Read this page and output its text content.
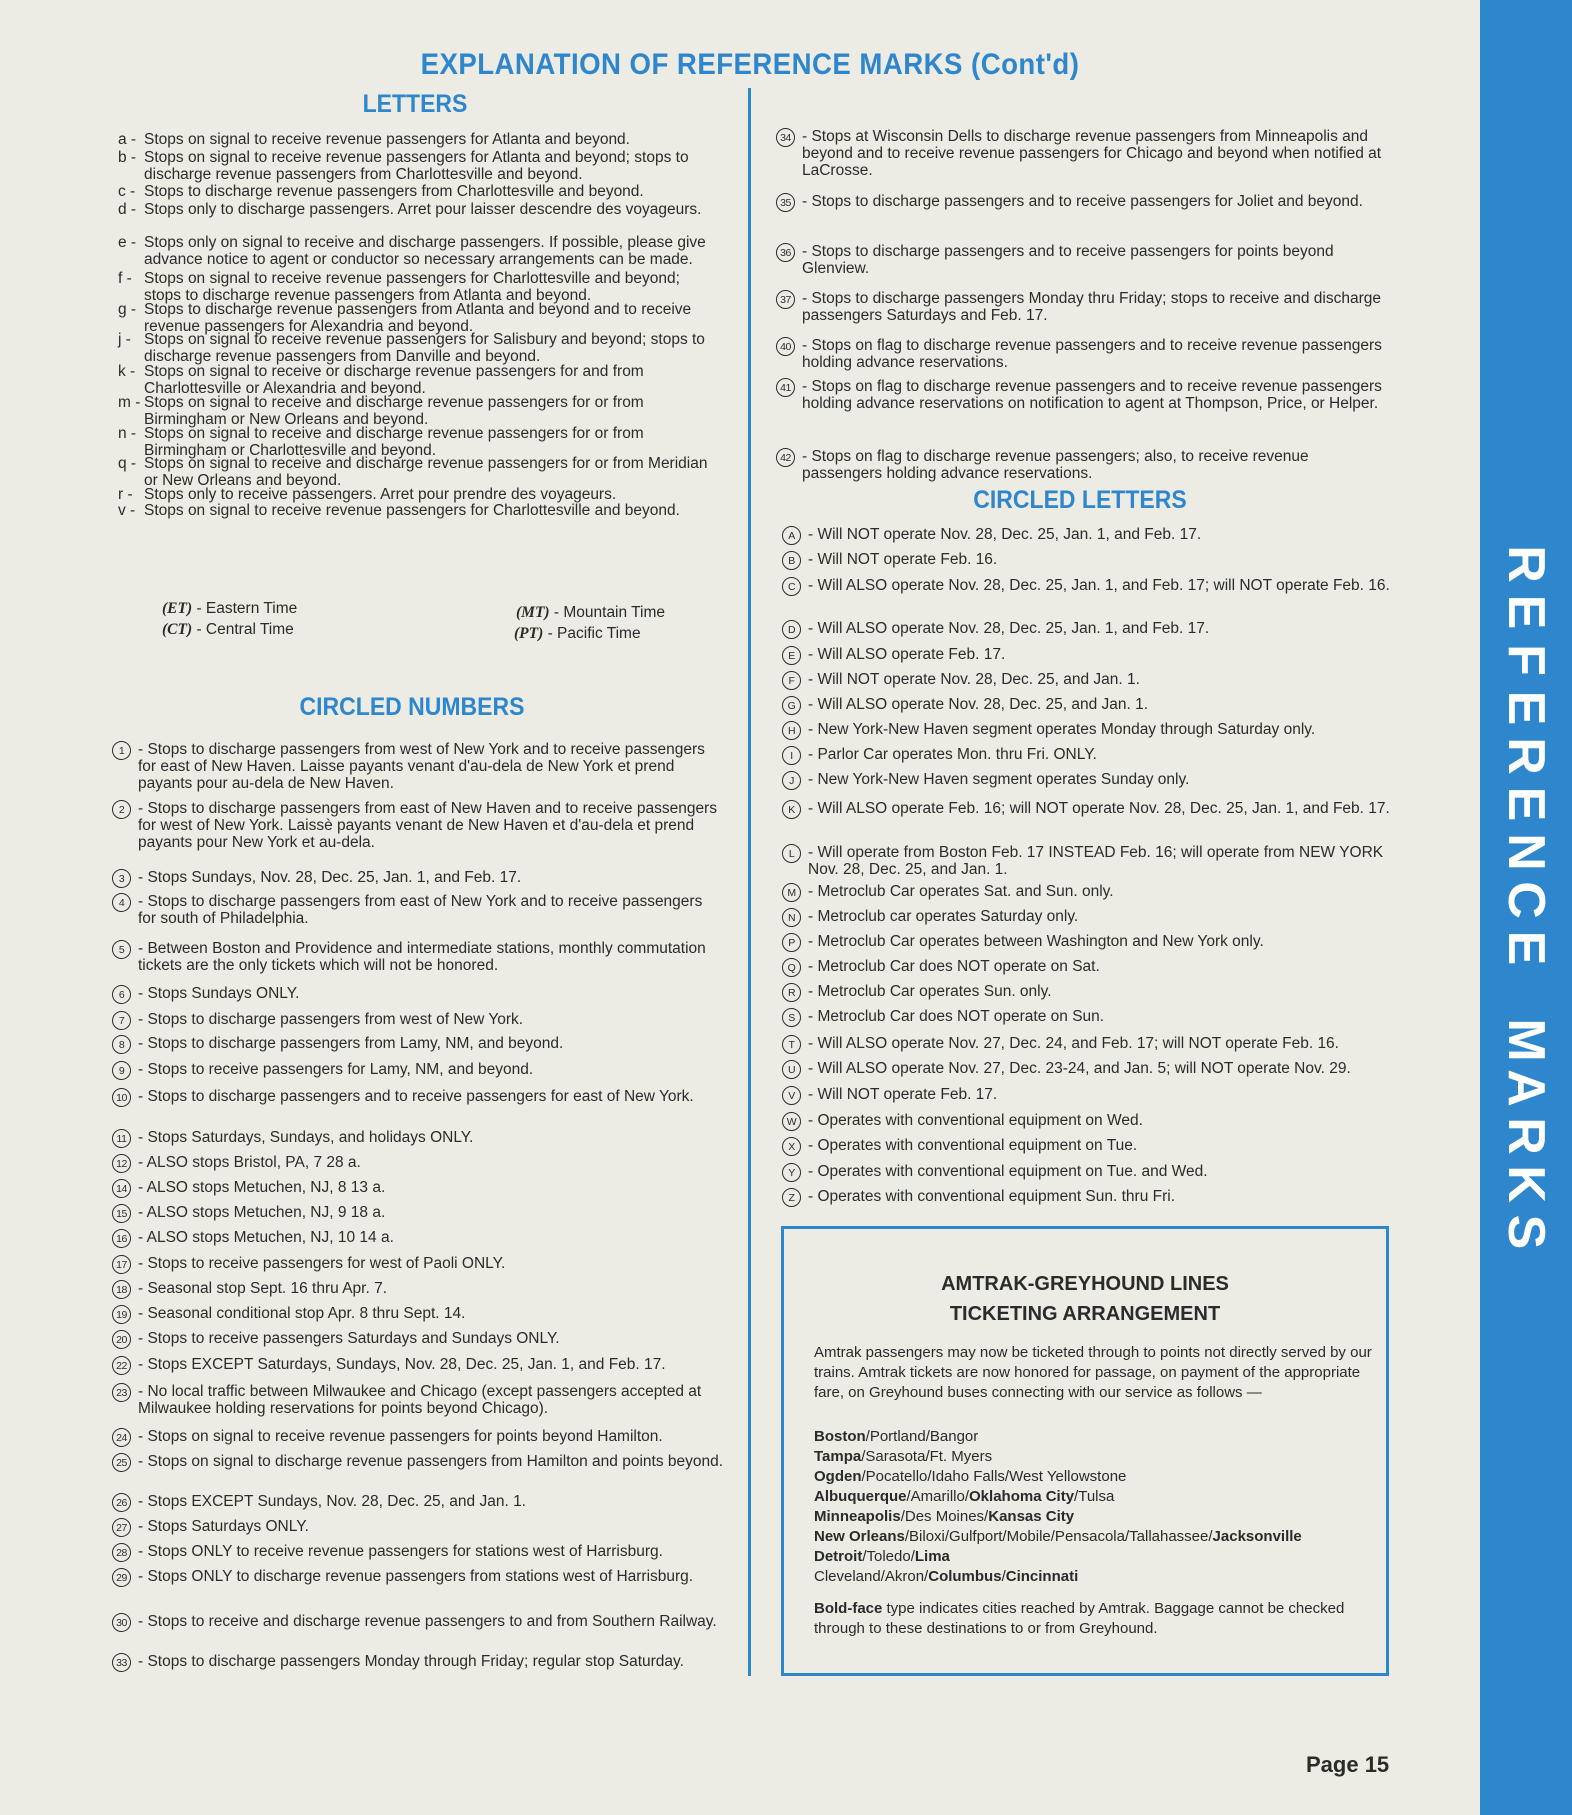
EXPLANATION OF REFERENCE MARKS (Cont'd)
LETTERS
a - Stops on signal to receive revenue passengers for Atlanta and beyond.
b - Stops on signal to receive revenue passengers for Atlanta and beyond; stops to discharge revenue passengers from Charlottesville and beyond.
c - Stops to discharge revenue passengers from Charlottesville and beyond.
d - Stops only to discharge passengers. Arret pour laisser descendre des voyageurs.
e - Stops only on signal to receive and discharge passengers. If possible, please give advance notice to agent or conductor so necessary arrangements can be made.
f - Stops on signal to receive revenue passengers for Charlottesville and beyond; stops to discharge revenue passengers from Atlanta and beyond.
g - Stops to discharge revenue passengers from Atlanta and beyond and to receive revenue passengers for Alexandria and beyond.
j - Stops on signal to receive revenue passengers for Salisbury and beyond; stops to discharge revenue passengers from Danville and beyond.
k - Stops on signal to receive or discharge revenue passengers for and from Charlottesville or Alexandria and beyond.
m - Stops on signal to receive and discharge revenue passengers for or from Birmingham or New Orleans and beyond.
n - Stops on signal to receive and discharge revenue passengers for or from Birmingham or Charlottesville and beyond.
q - Stops on signal to receive and discharge revenue passengers for or from Meridian or New Orleans and beyond.
r - Stops only to receive passengers. Arret pour prendre des voyageurs.
v - Stops on signal to receive revenue passengers for Charlottesville and beyond.
(ET) - Eastern Time
(CT) - Central Time
(MT) - Mountain Time
(PT) - Pacific Time
CIRCLED NUMBERS
1 - Stops to discharge passengers from west of New York and to receive passengers for east of New Haven. Laisse payants venant d'au-dela de New York et prend payants pour au-dela de New Haven.
2 - Stops to discharge passengers from east of New Haven and to receive passengers for west of New York. Laissè payants venant de New Haven et d'au-dela et prend payants pour New York et au-dela.
3 - Stops Sundays, Nov. 28, Dec. 25, Jan. 1, and Feb. 17.
4 - Stops to discharge passengers from east of New York and to receive passengers for south of Philadelphia.
5 - Between Boston and Providence and intermediate stations, monthly commutation tickets are the only tickets which will not be honored.
6 - Stops Sundays ONLY.
7 - Stops to discharge passengers from west of New York.
8 - Stops to discharge passengers from Lamy, NM, and beyond.
9 - Stops to receive passengers for Lamy, NM, and beyond.
10 - Stops to discharge passengers and to receive passengers for east of New York.
11 - Stops Saturdays, Sundays, and holidays ONLY.
12 - ALSO stops Bristol, PA, 7 28 a.
14 - ALSO stops Metuchen, NJ, 8 13 a.
15 - ALSO stops Metuchen, NJ, 9 18 a.
16 - ALSO stops Metuchen, NJ, 10 14 a.
17 - Stops to receive passengers for west of Paoli ONLY.
18 - Seasonal stop Sept. 16 thru Apr. 7.
19 - Seasonal conditional stop Apr. 8 thru Sept. 14.
20 - Stops to receive passengers Saturdays and Sundays ONLY.
22 - Stops EXCEPT Saturdays, Sundays, Nov. 28, Dec. 25, Jan. 1, and Feb. 17.
23 - No local traffic between Milwaukee and Chicago (except passengers accepted at Milwaukee holding reservations for points beyond Chicago).
24 - Stops on signal to receive revenue passengers for points beyond Hamilton.
25 - Stops on signal to discharge revenue passengers from Hamilton and points beyond.
26 - Stops EXCEPT Sundays, Nov. 28, Dec. 25, and Jan. 1.
27 - Stops Saturdays ONLY.
28 - Stops ONLY to receive revenue passengers for stations west of Harrisburg.
29 - Stops ONLY to discharge revenue passengers from stations west of Harrisburg.
30 - Stops to receive and discharge revenue passengers to and from Southern Railway.
33 - Stops to discharge passengers Monday through Friday; regular stop Saturday.
34 - Stops at Wisconsin Dells to discharge revenue passengers from Minneapolis and beyond and to receive revenue passengers for Chicago and beyond when notified at LaCrosse.
35 - Stops to discharge passengers and to receive passengers for Joliet and beyond.
36 - Stops to discharge passengers and to receive passengers for points beyond Glenview.
37 - Stops to discharge passengers Monday thru Friday; stops to receive and discharge passengers Saturdays and Feb. 17.
40 - Stops on flag to discharge revenue passengers and to receive revenue passengers holding advance reservations.
41 - Stops on flag to discharge revenue passengers and to receive revenue passengers holding advance reservations on notification to agent at Thompson, Price, or Helper.
42 - Stops on flag to discharge revenue passengers; also, to receive revenue passengers holding advance reservations.
CIRCLED LETTERS
A - Will NOT operate Nov. 28, Dec. 25, Jan. 1, and Feb. 17.
B - Will NOT operate Feb. 16.
C - Will ALSO operate Nov. 28, Dec. 25, Jan. 1, and Feb. 17; will NOT operate Feb. 16.
D - Will ALSO operate Nov. 28, Dec. 25, Jan. 1, and Feb. 17.
E - Will ALSO operate Feb. 17.
F - Will NOT operate Nov. 28, Dec. 25, and Jan. 1.
G - Will ALSO operate Nov. 28, Dec. 25, and Jan. 1.
H - New York-New Haven segment operates Monday through Saturday only.
I - Parlor Car operates Mon. thru Fri. ONLY.
J - New York-New Haven segment operates Sunday only.
K - Will ALSO operate Feb. 16; will NOT operate Nov. 28, Dec. 25, Jan. 1, and Feb. 17.
L - Will operate from Boston Feb. 17 INSTEAD Feb. 16; will operate from NEW YORK Nov. 28, Dec. 25, and Jan. 1.
M - Metroclub Car operates Sat. and Sun. only.
N - Metroclub car operates Saturday only.
P - Metroclub Car operates between Washington and New York only.
Q - Metroclub Car does NOT operate on Sat.
R - Metroclub Car operates Sun. only.
S - Metroclub Car does NOT operate on Sun.
T - Will ALSO operate Nov. 27, Dec. 24, and Feb. 17; will NOT operate Feb. 16.
U - Will ALSO operate Nov. 27, Dec. 23-24, and Jan. 5; will NOT operate Nov. 29.
V - Will NOT operate Feb. 17.
W - Operates with conventional equipment on Wed.
X - Operates with conventional equipment on Tue.
Y - Operates with conventional equipment on Tue. and Wed.
Z - Operates with conventional equipment Sun. thru Fri.
AMTRAK-GREYHOUND LINES
TICKETING ARRANGEMENT
Amtrak passengers may now be ticketed through to points not directly served by our trains. Amtrak tickets are now honored for passage, on payment of the appropriate fare, on Greyhound buses connecting with our service as follows —
Boston/Portland/Bangor
Tampa/Sarasota/Ft. Myers
Ogden/Pocatello/Idaho Falls/West Yellowstone
Albuquerque/Amarillo/Oklahoma City/Tulsa
Minneapolis/Des Moines/Kansas City
New Orleans/Biloxi/Gulfport/Mobile/Pensacola/Tallahassee/Jacksonville
Detroit/Toledo/Lima
Cleveland/Akron/Columbus/Cincinnati
Bold-face type indicates cities reached by Amtrak. Baggage cannot be checked through to these destinations to or from Greyhound.
Page 15
R
E
F
E
R
E
N
C
E
M
A
R
K
S
